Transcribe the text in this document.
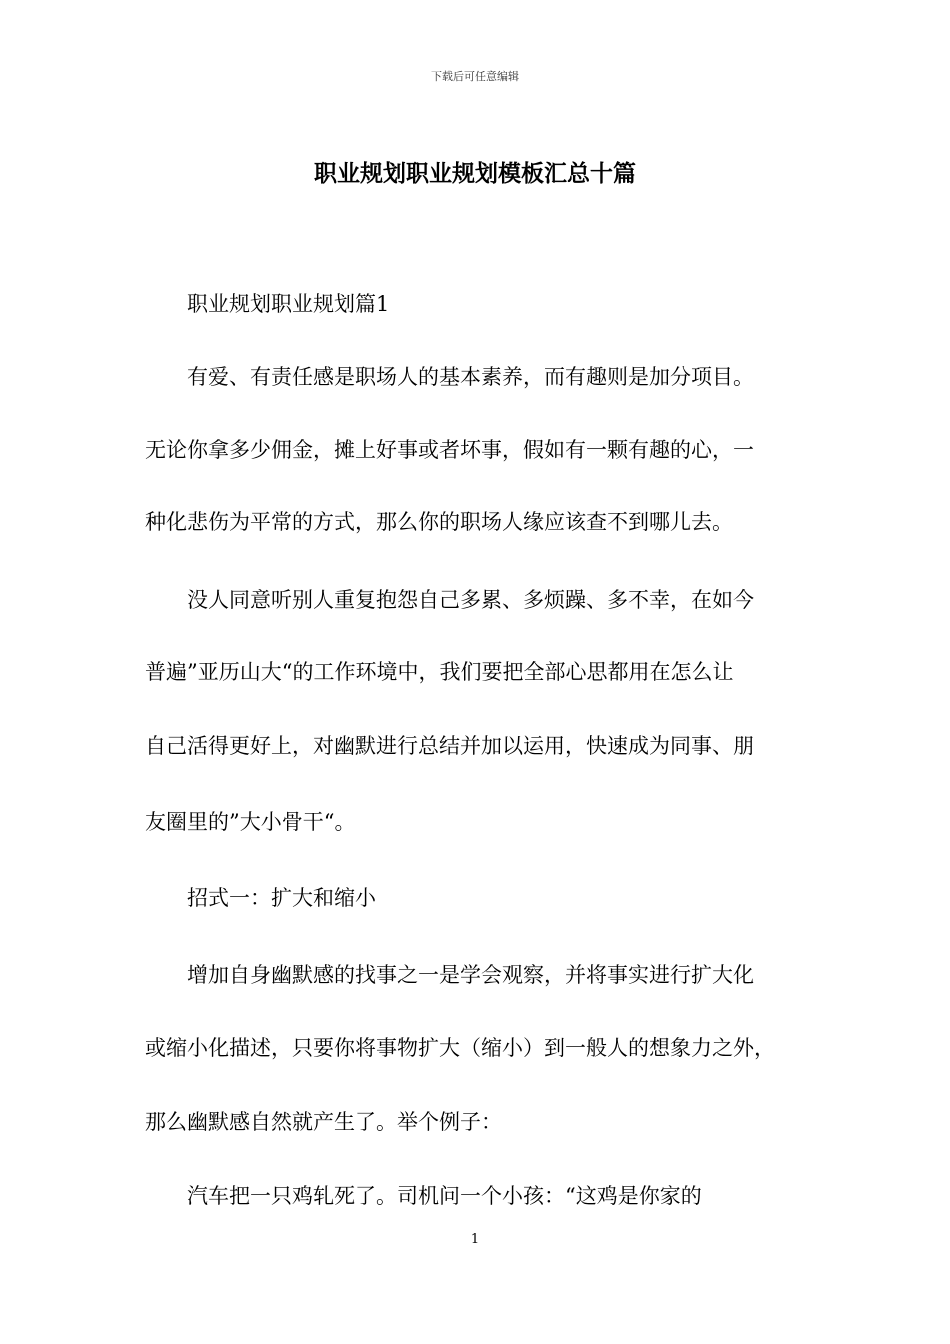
下载后可任意编辑
职业规划职业规划模板汇总十篇
　　职业规划职业规划篇1
　　有爱、有责任感是职场人的基本素养，而有趣则是加分项目。
无论你拿多少佣金，摊上好事或者坏事，假如有一颗有趣的心，一
种化悲伤为平常的方式，那么你的职场人缘应该查不到哪儿去。
　　没人同意听别人重复抱怨自己多累、多烦躁、多不幸，在如今
普遍”亚历山大“的工作环境中，我们要把全部心思都用在怎么让
自己活得更好上，对幽默进行总结并加以运用，快速成为同事、朋
友圈里的”大小骨干“。
　　招式一：扩大和缩小
　　增加自身幽默感的找事之一是学会观察，并将事实进行扩大化
或缩小化描述，只要你将事物扩大（缩小）到一般人的想象力之外，
那么幽默感自然就产生了。举个例子：
　　汽车把一只鸡轧死了。司机问一个小孩：“这鸡是你家的
1
